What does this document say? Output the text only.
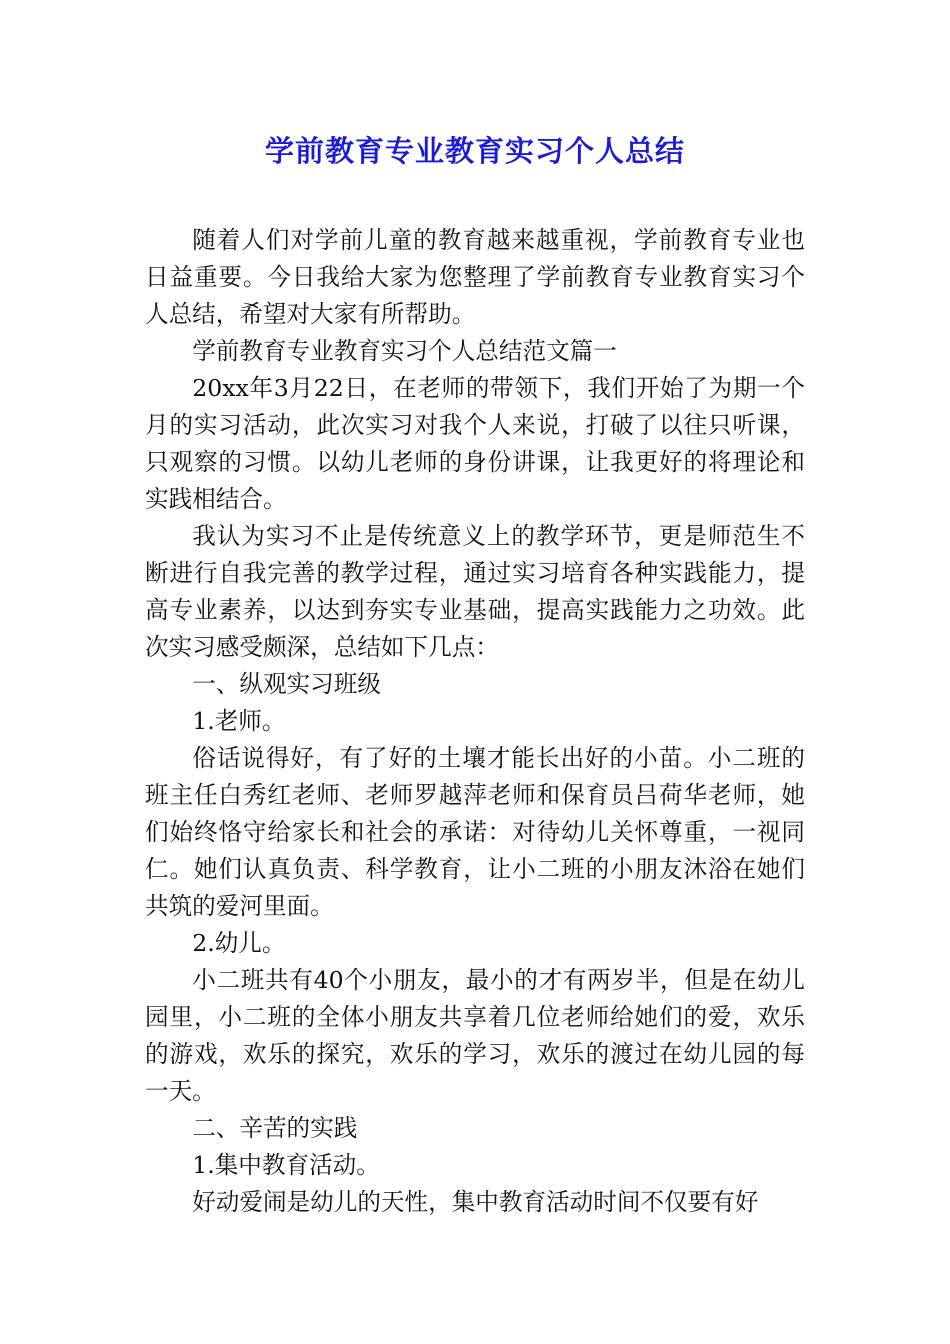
学前教育专业教育实习个人总结

随着人们对学前儿童的教育越来越重视，学前教育专业也日益重要。今日我给大家为您整理了学前教育专业教育实习个人总结，希望对大家有所帮助。

学前教育专业教育实习个人总结范文篇一

20xx年3月22日，在老师的带领下，我们开始了为期一个月的实习活动，此次实习对我个人来说，打破了以往只听课，只观察的习惯。以幼儿老师的身份讲课，让我更好的将理论和实践相结合。

我认为实习不止是传统意义上的教学环节，更是师范生不断进行自我完善的教学过程，通过实习培育各种实践能力，提高专业素养，以达到夯实专业基础，提高实践能力之功效。此次实习感受颇深，总结如下几点：

一、纵观实习班级

1.老师。

俗话说得好，有了好的土壤才能长出好的小苗。小二班的班主任白秀红老师、老师罗越萍老师和保育员吕荷华老师，她们始终恪守给家长和社会的承诺：对待幼儿关怀尊重，一视同仁。她们认真负责、科学教育，让小二班的小朋友沐浴在她们共筑的爱河里面。

2.幼儿。

小二班共有40个小朋友，最小的才有两岁半，但是在幼儿园里，小二班的全体小朋友共享着几位老师给她们的爱，欢乐的游戏，欢乐的探究，欢乐的学习，欢乐的渡过在幼儿园的每一天。

二、辛苦的实践

1.集中教育活动。

好动爱闹是幼儿的天性，集中教育活动时间不仅要有好
